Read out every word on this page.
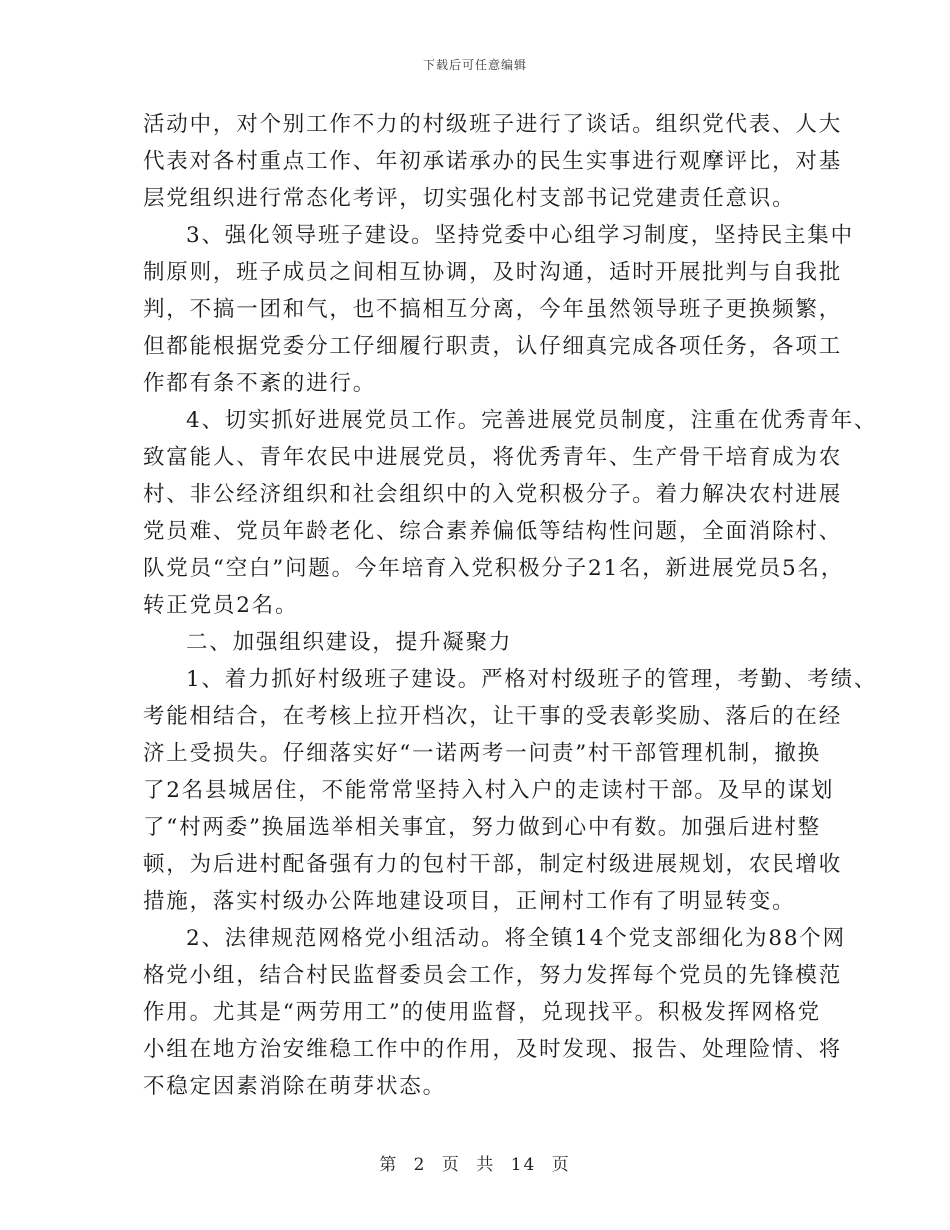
下载后可任意编辑
活动中，对个别工作不力的村级班子进行了谈话。组织党代表、人大
代表对各村重点工作、年初承诺承办的民生实事进行观摩评比，对基
层党组织进行常态化考评，切实强化村支部书记党建责任意识。
3、强化领导班子建设。坚持党委中心组学习制度，坚持民主集中
制原则，班子成员之间相互协调，及时沟通，适时开展批判与自我批
判，不搞一团和气，也不搞相互分离，今年虽然领导班子更换频繁，
但都能根据党委分工仔细履行职责，认仔细真完成各项任务，各项工
作都有条不紊的进行。
4、切实抓好进展党员工作。完善进展党员制度，注重在优秀青年、
致富能人、青年农民中进展党员，将优秀青年、生产骨干培育成为农
村、非公经济组织和社会组织中的入党积极分子。着力解决农村进展
党员难、党员年龄老化、综合素养偏低等结构性问题，全面消除村、
队党员“空白”问题。今年培育入党积极分子21名，新进展党员5名，
转正党员2名。
二、加强组织建设，提升凝聚力
1、着力抓好村级班子建设。严格对村级班子的管理，考勤、考绩、
考能相结合，在考核上拉开档次，让干事的受表彰奖励、落后的在经
济上受损失。仔细落实好“一诺两考一问责”村干部管理机制，撤换
了2名县城居住，不能常常坚持入村入户的走读村干部。及早的谋划
了“村两委”换届选举相关事宜，努力做到心中有数。加强后进村整
顿，为后进村配备强有力的包村干部，制定村级进展规划，农民增收
措施，落实村级办公阵地建设项目，正闸村工作有了明显转变。
2、法律规范网格党小组活动。将全镇14个党支部细化为88个网
格党小组，结合村民监督委员会工作，努力发挥每个党员的先锋模范
作用。尤其是“两劳用工”的使用监督，兑现找平。积极发挥网格党
小组在地方治安维稳工作中的作用，及时发现、报告、处理险情、将
不稳定因素消除在萌芽状态。
第 2 页 共 14 页
